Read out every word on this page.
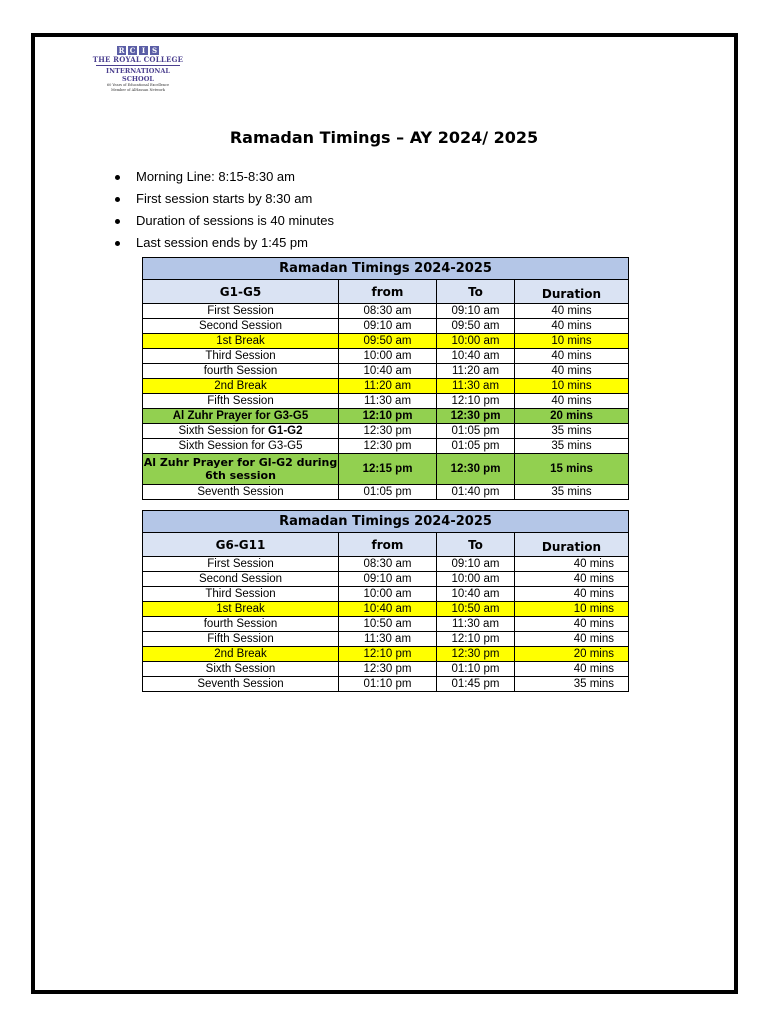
R C I S
THE ROYAL COLLEGE
INTERNATIONAL SCHOOL
60 Years of Educational Excellence
Member of AlHassan Network
Ramadan Timings – AY 2024/ 2025
Morning Line: 8:15-8:30 am
First session starts by 8:30 am
Duration of sessions is 40 minutes
Last session ends by 1:45 pm
Ramadan Timings 2024-2025			
G1-G5	from	To	Duration
First Session	08:30 am	09:10 am	40 mins
Second Session	09:10 am	09:50 am	40 mins
1st Break	09:50 am	10:00 am	10 mins
Third Session	10:00 am	10:40 am	40 mins
fourth Session	10:40 am	11:20 am	40 mins
2nd Break	11:20 am	11:30 am	10 mins
Fifth Session	11:30 am	12:10 pm	40 mins
Al Zuhr Prayer for G3-G5	12:10 pm	12:30 pm	20 mins
Sixth Session for G1-G2	12:30 pm	01:05 pm	35 mins
Sixth Session for G3-G5	12:30 pm	01:05 pm	35 mins
Al Zuhr Prayer for Gl-G2 during 6th session	12:15 pm	12:30 pm	15 mins
Seventh Session	01:05 pm	01:40 pm	35 mins
Ramadan Timings 2024-2025			
G6-G11	from	To	Duration
First Session	08:30 am	09:10 am	40 mins
Second Session	09:10 am	10:00 am	40 mins
Third Session	10:00 am	10:40 am	40 mins
1st Break	10:40 am	10:50 am	10 mins
fourth Session	10:50 am	11:30 am	40 mins
Fifth Session	11:30 am	12:10 pm	40 mins
2nd Break	12:10 pm	12:30 pm	20 mins
Sixth Session	12:30 pm	01:10 pm	40 mins
Seventh Session	01:10 pm	01:45 pm	35 mins
